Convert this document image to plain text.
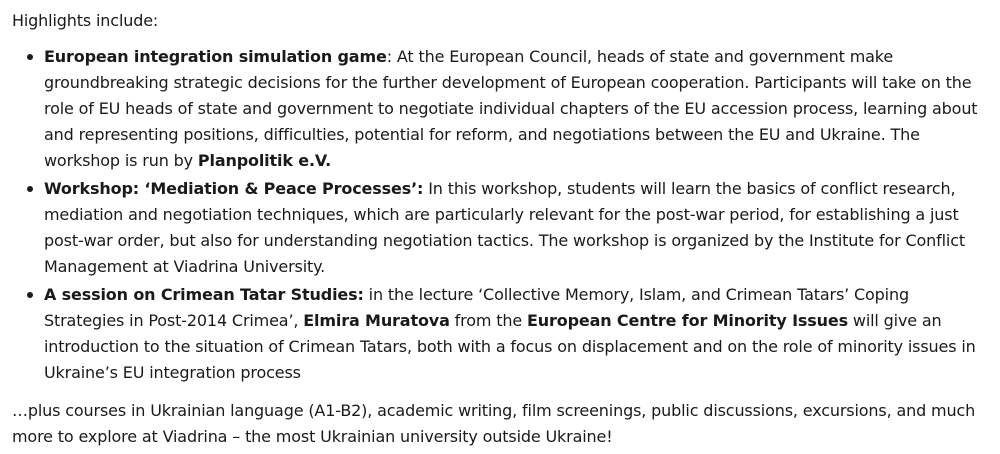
Highlights include:

European integration simulation game: At the European Council, heads of state and government make groundbreaking strategic decisions for the further development of European cooperation. Participants will take on the role of EU heads of state and government to negotiate individual chapters of the EU accession process, learning about and representing positions, difficulties, potential for reform, and negotiations between the EU and Ukraine. The workshop is run by Planpolitik e.V.
Workshop: ‘Mediation & Peace Processes’: In this workshop, students will learn the basics of conflict research, mediation and negotiation techniques, which are particularly relevant for the post-war period, for establishing a just post-war order, but also for understanding negotiation tactics. The workshop is organized by the Institute for Conflict Management at Viadrina University.
A session on Crimean Tatar Studies: in the lecture ‘Collective Memory, Islam, and Crimean Tatars’ Coping Strategies in Post-2014 Crimea’, Elmira Muratova from the European Centre for Minority Issues will give an introduction to the situation of Crimean Tatars, both with a focus on displacement and on the role of minority issues in Ukraine’s EU integration process

…plus courses in Ukrainian language (A1-B2), academic writing, film screenings, public discussions, excursions, and much more to explore at Viadrina – the most Ukrainian university outside Ukraine!
